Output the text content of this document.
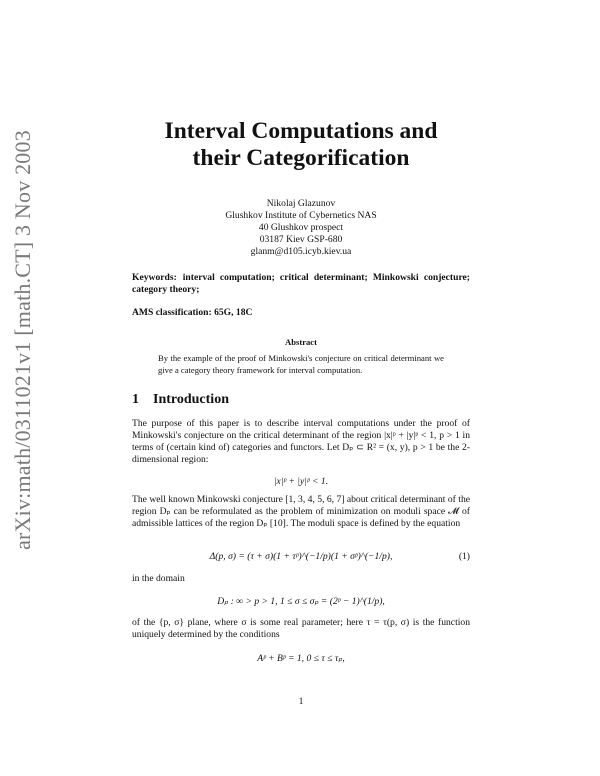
arXiv:math/0311021v1 [math.CT] 3 Nov 2003	Interval Computations and
their Categorification
Nikolaj Glazunov
Glushkov Institute of Cybernetics NAS
40 Glushkov prospect
03187 Kiev GSP-680
glanm@d105.icyb.kiev.ua
Keywords: interval computation; critical determinant; Minkowski conjecture; category theory;
AMS classification: 65G, 18C
Abstract
By the example of the proof of Minkowski's conjecture on critical determinant we give a category theory framework for interval computation.
1 Introduction
The purpose of this paper is to describe interval computations under the proof of Minkowski's conjecture on the critical determinant of the region |x|ᵖ + |y|ᵖ < 1, p > 1 in terms of (certain kind of) categories and functors. Let Dₚ ⊂ R² = (x, y), p > 1 be the 2-dimensional region:
|x|ᵖ + |y|ᵖ < 1.
The well known Minkowski conjecture [1, 3, 4, 5, 6, 7] about critical determinant of the region Dₚ can be reformulated as the problem of minimization on moduli space 𝓜 of admissible lattices of the region Dₚ [10]. The moduli space is defined by the equation
Δ(p, σ) = (τ + σ)(1 + τᵖ)^(−1/p)(1 + σᵖ)^(−1/p),	(1)
in the domain
Dₚ : ∞ > p > 1, 1 ≤ σ ≤ σₚ = (2ᵖ − 1)^(1/p),
of the {p, σ} plane, where σ is some real parameter; here τ = τ(p, σ) is the function uniquely determined by the conditions
Aᵖ + Bᵖ = 1, 0 ≤ τ ≤ τₚ,
1
